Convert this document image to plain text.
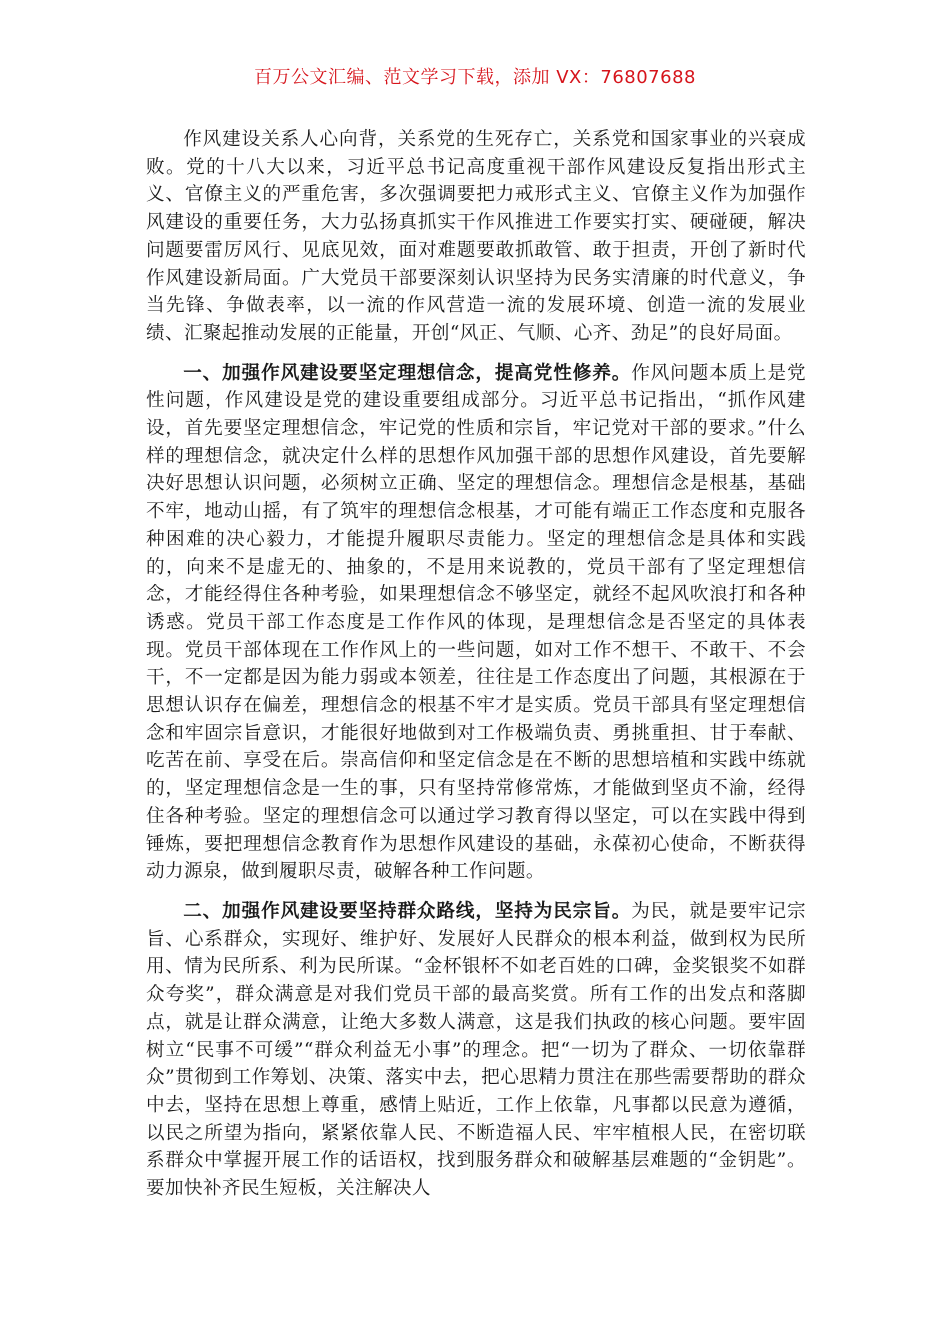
百万公文汇编、范文学习下载，添加 VX：76807688

作风建设关系人心向背，关系党的生死存亡，关系党和国家事业的兴衰成败。党的十八大以来，习近平总书记高度重视干部作风建设反复指出形式主义、官僚主义的严重危害，多次强调要把力戒形式主义、官僚主义作为加强作风建设的重要任务，大力弘扬真抓实干作风推进工作要实打实、硬碰硬，解决问题要雷厉风行、见底见效，面对难题要敢抓敢管、敢于担责，开创了新时代作风建设新局面。广大党员干部要深刻认识坚持为民务实清廉的时代意义，争当先锋、争做表率，以一流的作风营造一流的发展环境、创造一流的发展业绩、汇聚起推动发展的正能量，开创“风正、气顺、心齐、劲足”的良好局面。

一、加强作风建设要坚定理想信念，提高党性修养。作风问题本质上是党性问题，作风建设是党的建设重要组成部分。习近平总书记指出，“抓作风建设，首先要坚定理想信念，牢记党的性质和宗旨，牢记党对干部的要求。”什么样的理想信念，就决定什么样的思想作风加强干部的思想作风建设，首先要解决好思想认识问题，必须树立正确、坚定的理想信念。理想信念是根基，基础不牢，地动山摇，有了筑牢的理想信念根基，才可能有端正工作态度和克服各种困难的决心毅力，才能提升履职尽责能力。坚定的理想信念是具体和实践的，向来不是虚无的、抽象的，不是用来说教的，党员干部有了坚定理想信念，才能经得住各种考验，如果理想信念不够坚定，就经不起风吹浪打和各种诱惑。党员干部工作态度是工作作风的体现，是理想信念是否坚定的具体表现。党员干部体现在工作作风上的一些问题，如对工作不想干、不敢干、不会干，不一定都是因为能力弱或本领差，往往是工作态度出了问题，其根源在于思想认识存在偏差，理想信念的根基不牢才是实质。党员干部具有坚定理想信念和牢固宗旨意识，才能很好地做到对工作极端负责、勇挑重担、甘于奉献、吃苦在前、享受在后。崇高信仰和坚定信念是在不断的思想培植和实践中练就的，坚定理想信念是一生的事，只有坚持常修常炼，才能做到坚贞不渝，经得住各种考验。坚定的理想信念可以通过学习教育得以坚定，可以在实践中得到锤炼，要把理想信念教育作为思想作风建设的基础，永葆初心使命，不断获得动力源泉，做到履职尽责，破解各种工作问题。

二、加强作风建设要坚持群众路线，坚持为民宗旨。为民，就是要牢记宗旨、心系群众，实现好、维护好、发展好人民群众的根本利益，做到权为民所用、情为民所系、利为民所谋。“金杯银杯不如老百姓的口碑，金奖银奖不如群众夸奖”，群众满意是对我们党员干部的最高奖赏。所有工作的出发点和落脚点，就是让群众满意，让绝大多数人满意，这是我们执政的核心问题。要牢固树立“民事不可缓”“群众利益无小事”的理念。把“一切为了群众、一切依靠群众”贯彻到工作筹划、决策、落实中去，把心思精力贯注在那些需要帮助的群众中去，坚持在思想上尊重，感情上贴近，工作上依靠，凡事都以民意为遵循，以民之所望为指向，紧紧依靠人民、不断造福人民、牢牢植根人民，在密切联系群众中掌握开展工作的话语权，找到服务群众和破解基层难题的“金钥匙”。要加快补齐民生短板，关注解决人
